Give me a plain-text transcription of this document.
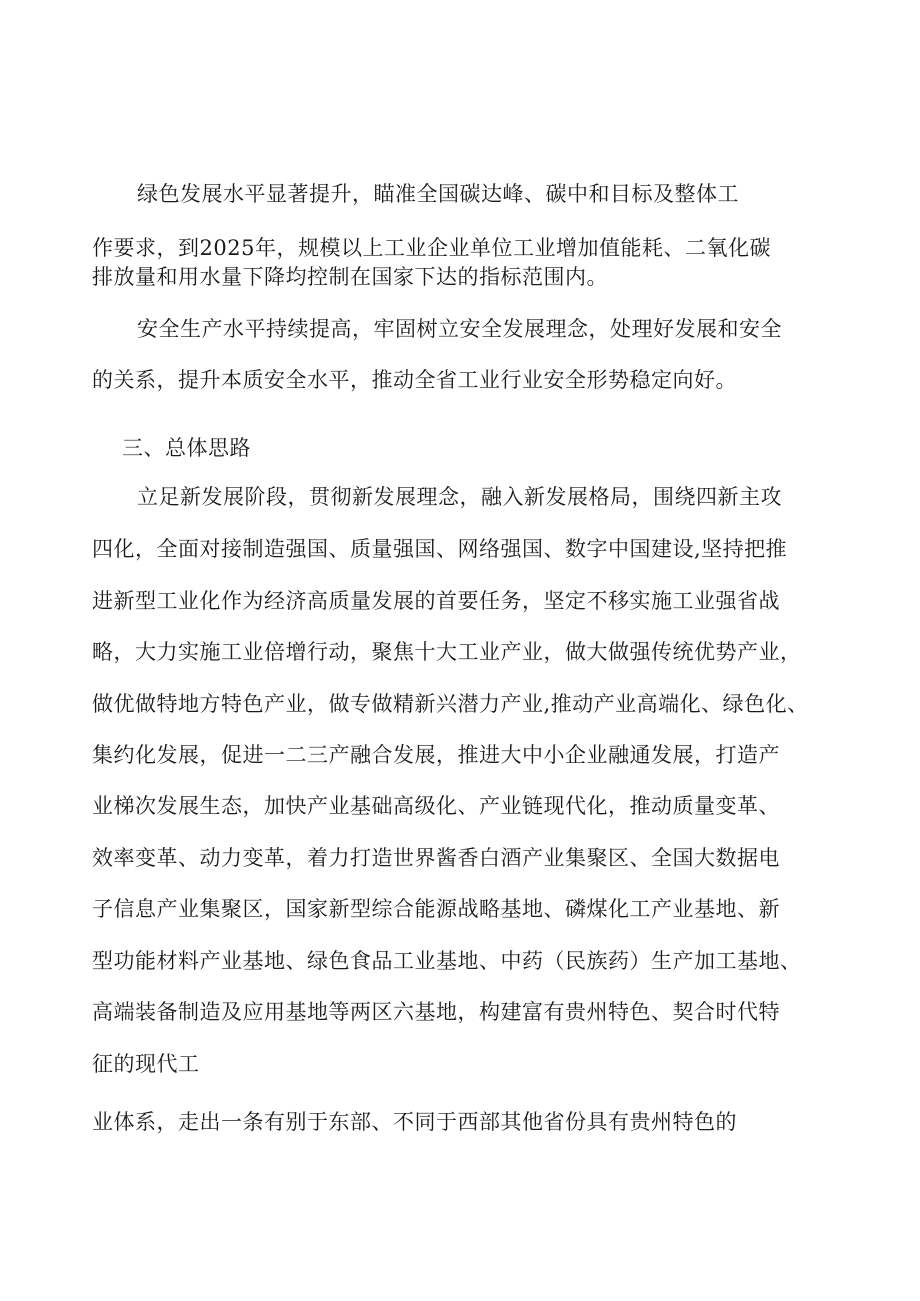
绿色发展水平显著提升，瞄准全国碳达峰、碳中和目标及整体工
作要求，到2025年，规模以上工业企业单位工业增加值能耗、二氧化碳
排放量和用水量下降均控制在国家下达的指标范围内。
安全生产水平持续提高，牢固树立安全发展理念，处理好发展和安全
的关系，提升本质安全水平，推动全省工业行业安全形势稳定向好。
三、总体思路
立足新发展阶段，贯彻新发展理念，融入新发展格局，围绕四新主攻
四化，全面对接制造强国、质量强国、网络强国、数字中国建设,坚持把推
进新型工业化作为经济高质量发展的首要任务，坚定不移实施工业强省战
略，大力实施工业倍增行动，聚焦十大工业产业，做大做强传统优势产业，
做优做特地方特色产业，做专做精新兴潜力产业,推动产业高端化、绿色化、
集约化发展，促进一二三产融合发展，推进大中小企业融通发展，打造产
业梯次发展生态，加快产业基础高级化、产业链现代化，推动质量变革、
效率变革、动力变革，着力打造世界酱香白酒产业集聚区、全国大数据电
子信息产业集聚区，国家新型综合能源战略基地、磷煤化工产业基地、新
型功能材料产业基地、绿色食品工业基地、中药（民族药）生产加工基地、
高端装备制造及应用基地等两区六基地，构建富有贵州特色、契合时代特
征的现代工
业体系，走出一条有别于东部、不同于西部其他省份具有贵州特色的
